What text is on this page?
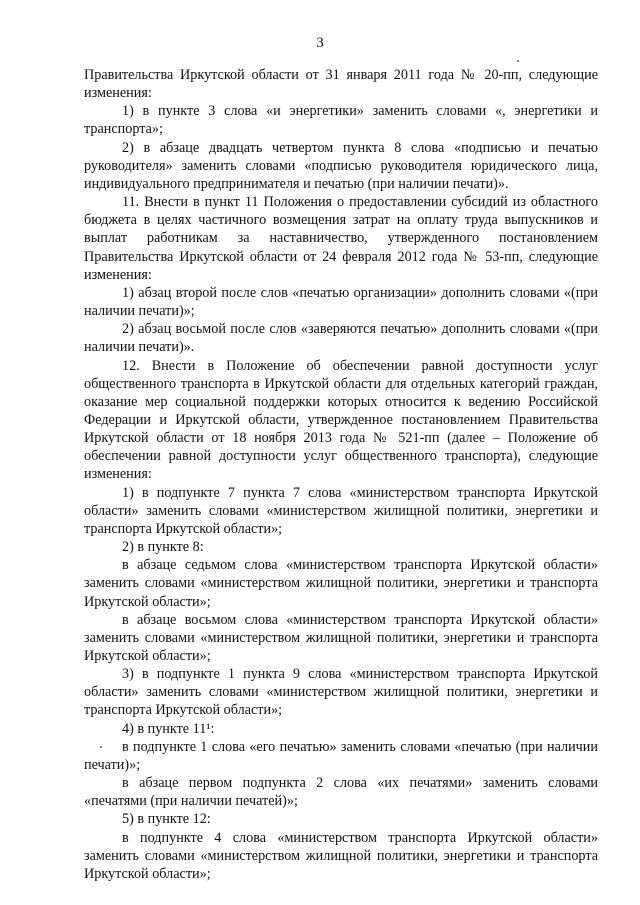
3

Правительства Иркутской области от 31 января 2011 года № 20-пп, следующие изменения:

1) в пункте 3 слова «и энергетики» заменить словами «, энергетики и транспорта»;

2) в абзаце двадцать четвертом пункта 8 слова «подписью и печатью руководителя» заменить словами «подписью руководителя юридического лица, индивидуального предпринимателя и печатью (при наличии печати)».

11. Внести в пункт 11 Положения о предоставлении субсидий из областного бюджета в целях частичного возмещения затрат на оплату труда выпускников и выплат работникам за наставничество, утвержденного постановлением Правительства Иркутской области от 24 февраля 2012 года № 53-пп, следующие изменения:

1) абзац второй после слов «печатью организации» дополнить словами «(при наличии печати)»;

2) абзац восьмой после слов «заверяются печатью» дополнить словами «(при наличии печати)».

12. Внести в Положение об обеспечении равной доступности услуг общественного транспорта в Иркутской области для отдельных категорий граждан, оказание мер социальной поддержки которых относится к ведению Российской Федерации и Иркутской области, утвержденное постановлением Правительства Иркутской области от 18 ноября 2013 года № 521-пп (далее – Положение об обеспечении равной доступности услуг общественного транспорта), следующие изменения:

1) в подпункте 7 пункта 7 слова «министерством транспорта Иркутской области» заменить словами «министерством жилищной политики, энергетики и транспорта Иркутской области»;

2) в пункте 8:

в абзаце седьмом слова «министерством транспорта Иркутской области» заменить словами «министерством жилищной политики, энергетики и транспорта Иркутской области»;

в абзаце восьмом слова «министерством транспорта Иркутской области» заменить словами «министерством жилищной политики, энергетики и транспорта Иркутской области»;

3) в подпункте 1 пункта 9 слова «министерством транспорта Иркутской области» заменить словами «министерством жилищной политики, энергетики и транспорта Иркутской области»;

4) в пункте 11¹:

в подпункте 1 слова «его печатью» заменить словами «печатью (при наличии печати)»;

в абзаце первом подпункта 2 слова «их печатями» заменить словами «печатями (при наличии печатей)»;

5) в пункте 12:

в подпункте 4 слова «министерством транспорта Иркутской области» заменить словами «министерством жилищной политики, энергетики и транспорта Иркутской области»;
